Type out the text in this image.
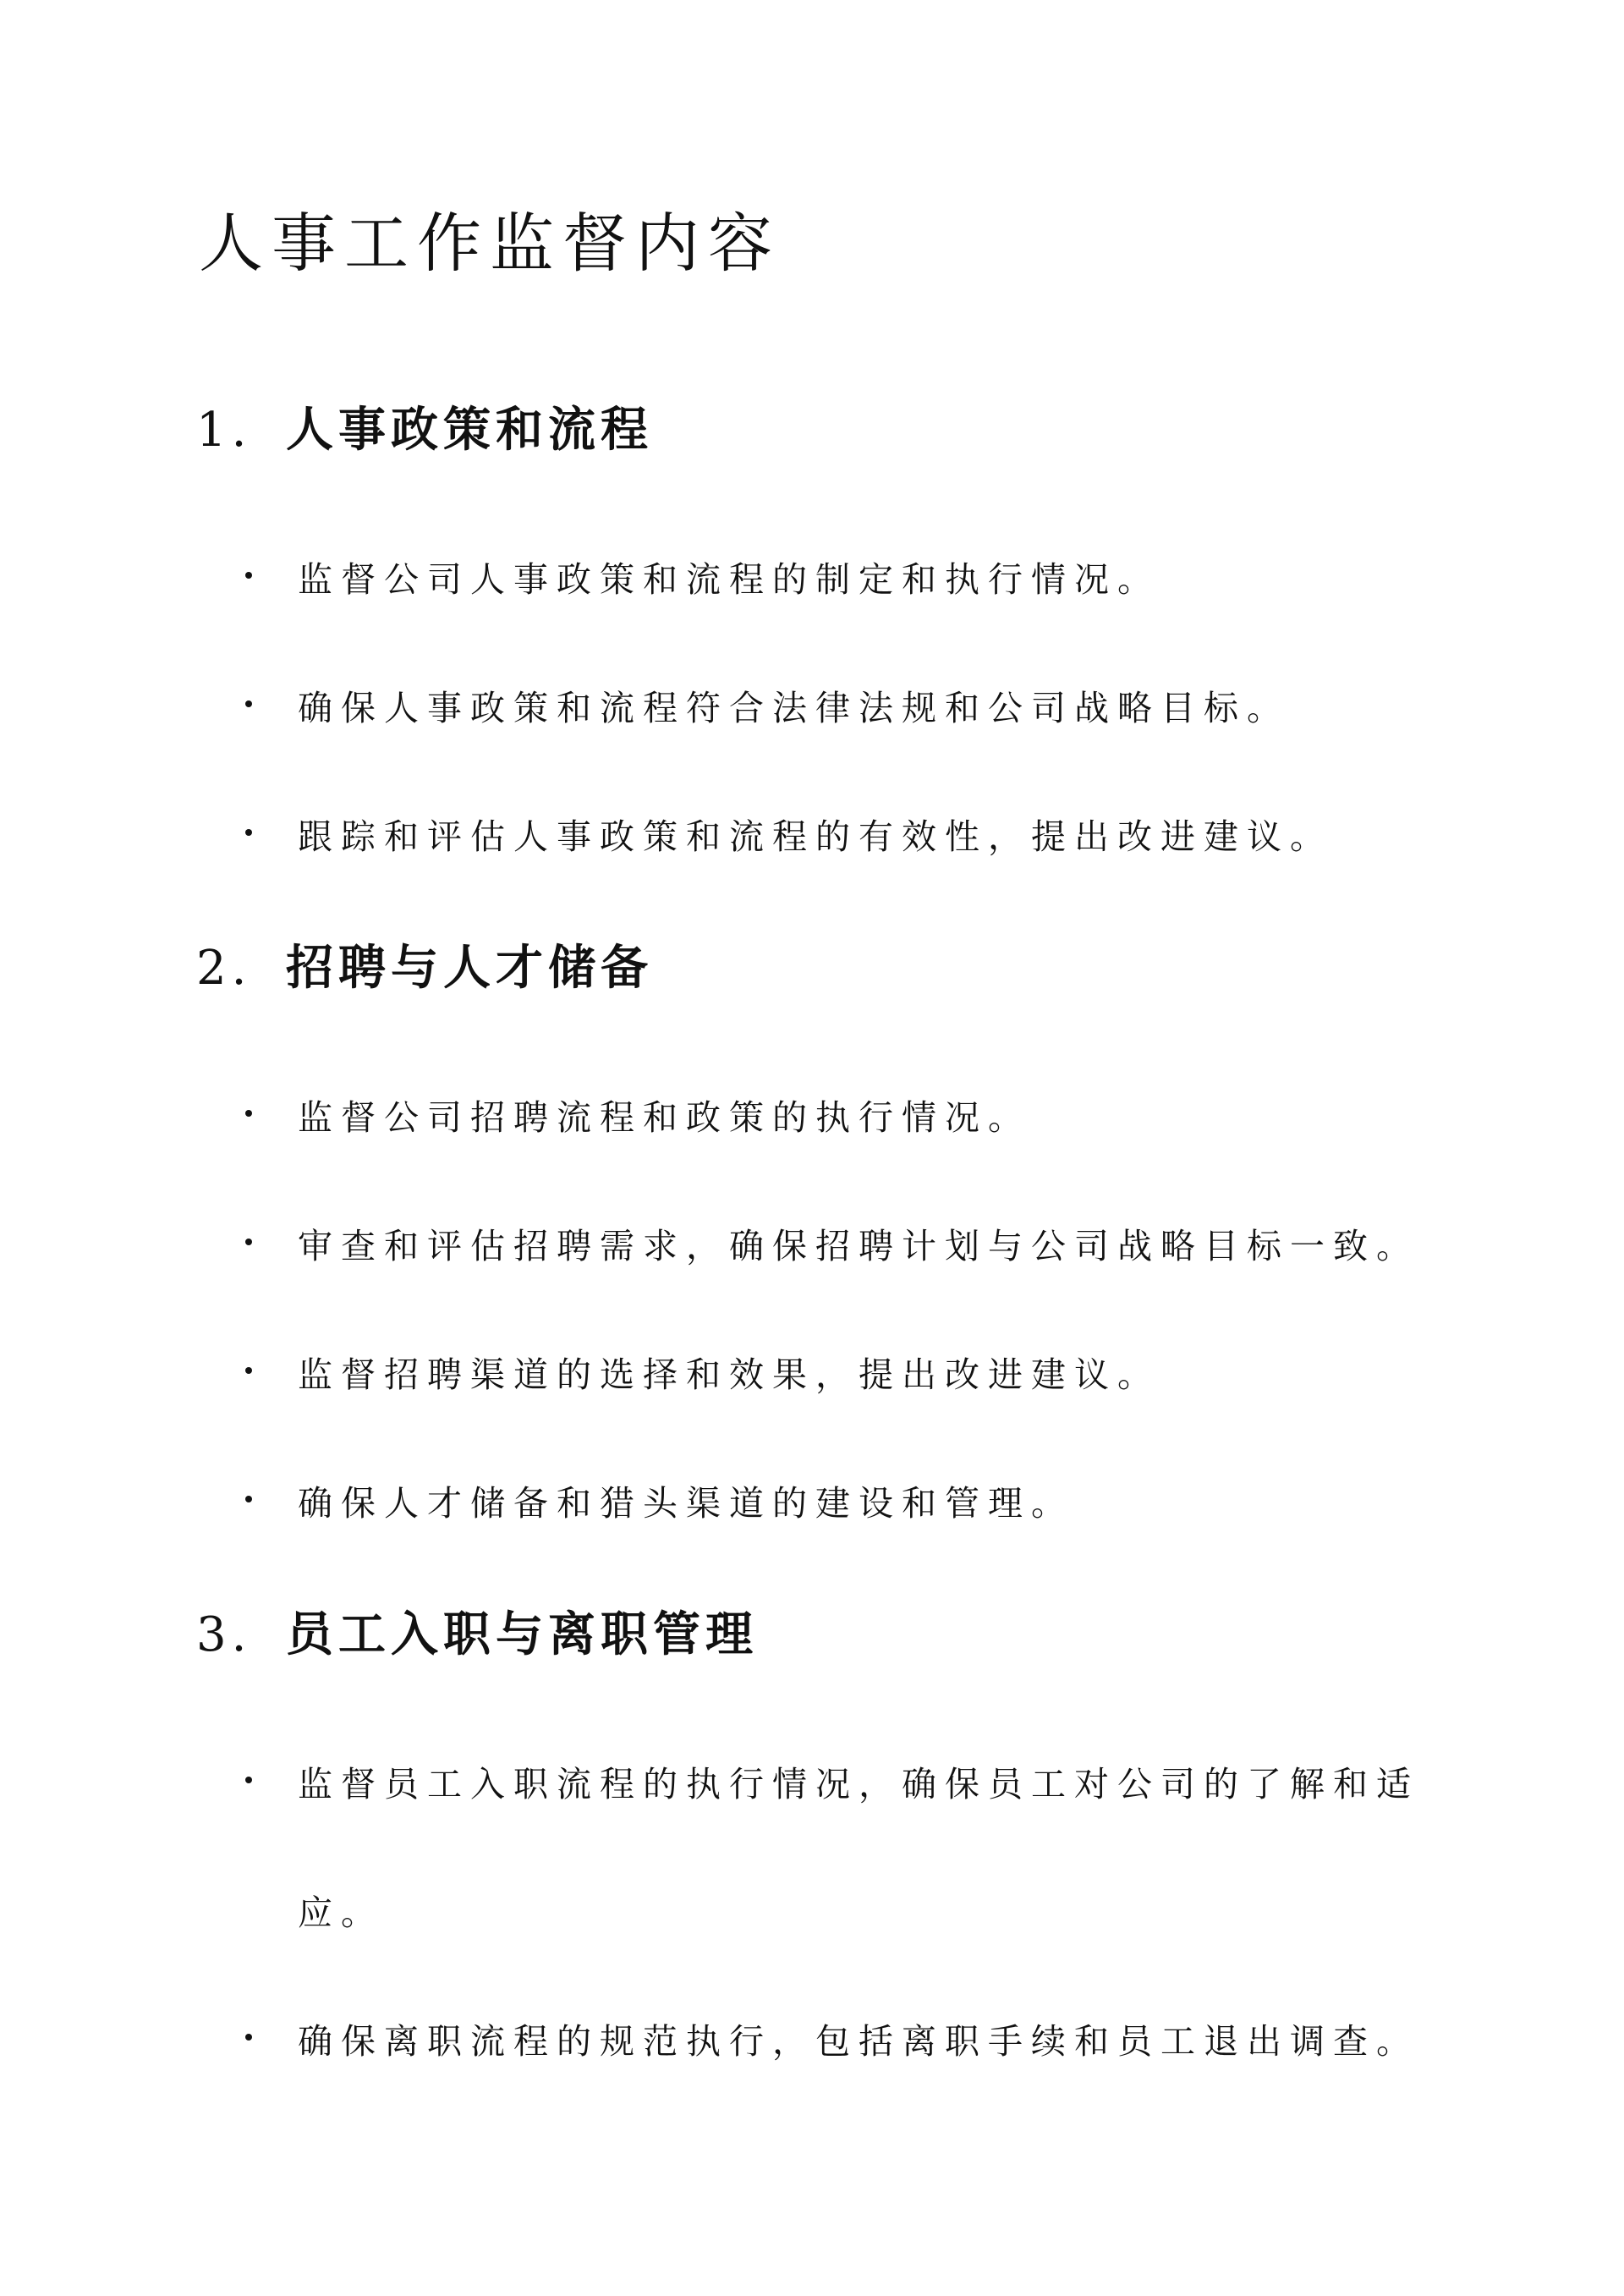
人事工作监督内容
1. 人事政策和流程
监督公司人事政策和流程的制定和执行情况。
确保人事政策和流程符合法律法规和公司战略目标。
跟踪和评估人事政策和流程的有效性，提出改进建议。
2. 招聘与人才储备
监督公司招聘流程和政策的执行情况。
审查和评估招聘需求，确保招聘计划与公司战略目标一致。
监督招聘渠道的选择和效果，提出改进建议。
确保人才储备和猎头渠道的建设和管理。
3. 员工入职与离职管理
监督员工入职流程的执行情况，确保员工对公司的了解和适应。
确保离职流程的规范执行，包括离职手续和员工退出调查。
